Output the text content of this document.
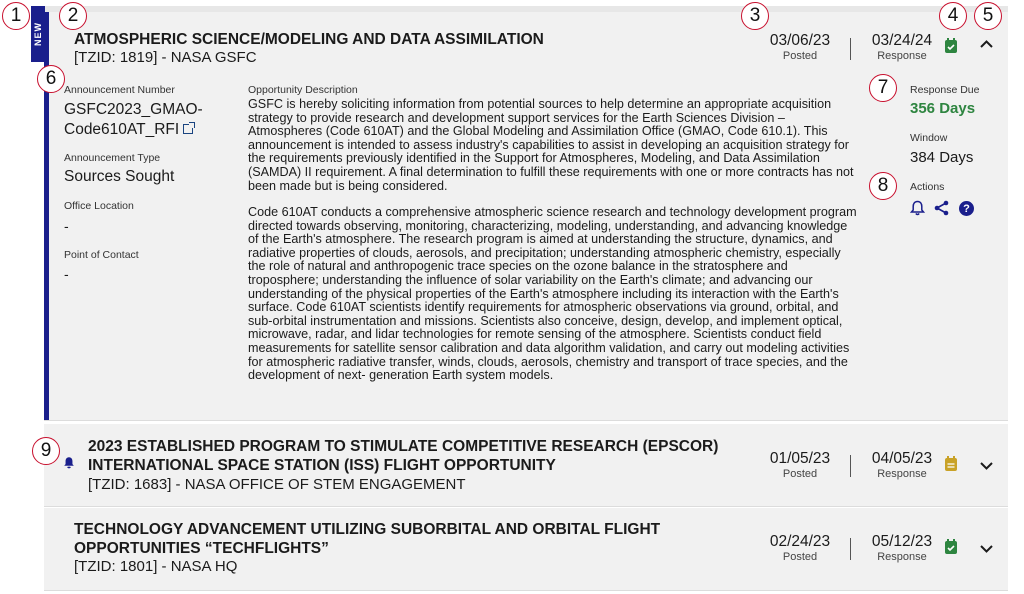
NEW ATMOSPHERIC SCIENCE/MODELING AND DATA ASSIMILATION
[TZID: 1819] - NASA GSFC
03/06/23
Posted
03/24/24
Response
Announcement Number
GSFC2023_GMAO-
Code610AT_RFI
Announcement Type
Sources Sought
Office Location
-
Point of Contact
-
Opportunity Description
GSFC is hereby soliciting information from potential sources to help determine an appropriate acquisition strategy to provide research and development support services for the Earth Sciences Division – Atmospheres (Code 610AT) and the Global Modeling and Assimilation Office (GMAO, Code 610.1). This announcement is intended to assess industry's capabilities to assist in developing an acquisition strategy for the requirements previously identified in the Support for Atmospheres, Modeling, and Data Assimilation (SAMDA) II requirement. A final determination to fulfill these requirements with one or more contracts has not been made but is being considered.
Code 610AT conducts a comprehensive atmospheric science research and technology development program directed towards observing, monitoring, characterizing, modeling, understanding, and advancing knowledge of the Earth's atmosphere. The research program is aimed at understanding the structure, dynamics, and radiative properties of clouds, aerosols, and precipitation; understanding atmospheric chemistry, especially the role of natural and anthropogenic trace species on the ozone balance in the stratosphere and troposphere; understanding the influence of solar variability on the Earth's climate; and advancing our understanding of the physical properties of the Earth's atmosphere including its interaction with the Earth's surface. Code 610AT scientists identify requirements for atmospheric observations via ground, orbital, and sub-orbital instrumentation and missions. Scientists also conceive, design, develop, and implement optical, microwave, radar, and lidar technologies for remote sensing of the atmosphere. Scientists conduct field measurements for satellite sensor calibration and data algorithm validation, and carry out modeling activities for atmospheric radiative transfer, winds, clouds, aerosols, chemistry and transport of trace species, and the development of next- generation Earth system models.
Response Due
356 Days
Window
384 Days
Actions
?
2023 ESTABLISHED PROGRAM TO STIMULATE COMPETITIVE RESEARCH (EPSCOR)
INTERNATIONAL SPACE STATION (ISS) FLIGHT OPPORTUNITY
[TZID: 1683] - NASA OFFICE OF STEM ENGAGEMENT
01/05/23
Posted
04/05/23
Response
TECHNOLOGY ADVANCEMENT UTILIZING SUBORBITAL AND ORBITAL FLIGHT
OPPORTUNITIES “TECHFLIGHTS”
[TZID: 1801] - NASA HQ
02/24/23
Posted
05/12/23
Response
1	2	3	4	5
6	7
8
9
